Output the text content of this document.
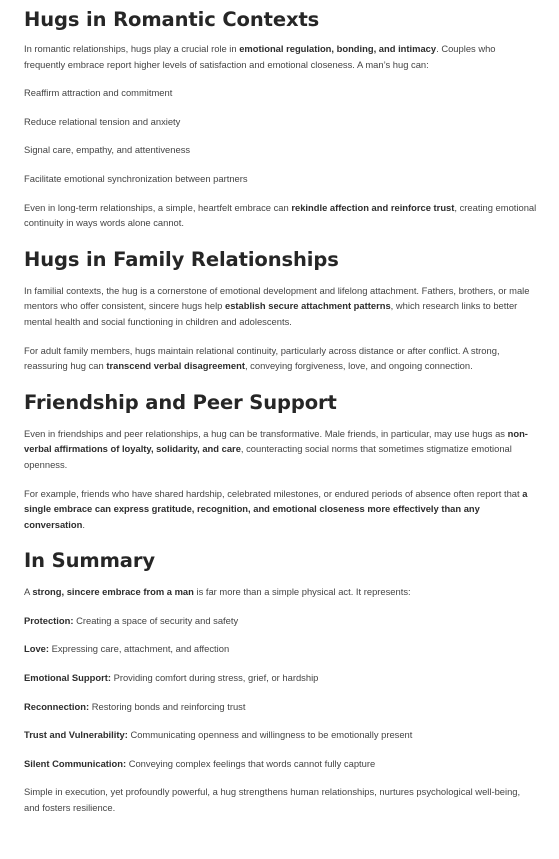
Hugs in Romantic Contexts

In romantic relationships, hugs play a crucial role in emotional regulation, bonding, and intimacy. Couples who frequently embrace report higher levels of satisfaction and emotional closeness. A man’s hug can:

Reaffirm attraction and commitment

Reduce relational tension and anxiety

Signal care, empathy, and attentiveness

Facilitate emotional synchronization between partners

Even in long-term relationships, a simple, heartfelt embrace can rekindle affection and reinforce trust, creating emotional continuity in ways words alone cannot.

Hugs in Family Relationships

In familial contexts, the hug is a cornerstone of emotional development and lifelong attachment. Fathers, brothers, or male mentors who offer consistent, sincere hugs help establish secure attachment patterns, which research links to better mental health and social functioning in children and adolescents.

For adult family members, hugs maintain relational continuity, particularly across distance or after conflict. A strong, reassuring hug can transcend verbal disagreement, conveying forgiveness, love, and ongoing connection.

Friendship and Peer Support

Even in friendships and peer relationships, a hug can be transformative. Male friends, in particular, may use hugs as non-verbal affirmations of loyalty, solidarity, and care, counteracting social norms that sometimes stigmatize emotional openness.

For example, friends who have shared hardship, celebrated milestones, or endured periods of absence often report that a single embrace can express gratitude, recognition, and emotional closeness more effectively than any conversation.

In Summary

A strong, sincere embrace from a man is far more than a simple physical act. It represents:

Protection: Creating a space of security and safety

Love: Expressing care, attachment, and affection

Emotional Support: Providing comfort during stress, grief, or hardship

Reconnection: Restoring bonds and reinforcing trust

Trust and Vulnerability: Communicating openness and willingness to be emotionally present

Silent Communication: Conveying complex feelings that words cannot fully capture

Simple in execution, yet profoundly powerful, a hug strengthens human relationships, nurtures psychological well-being, and fosters resilience.
